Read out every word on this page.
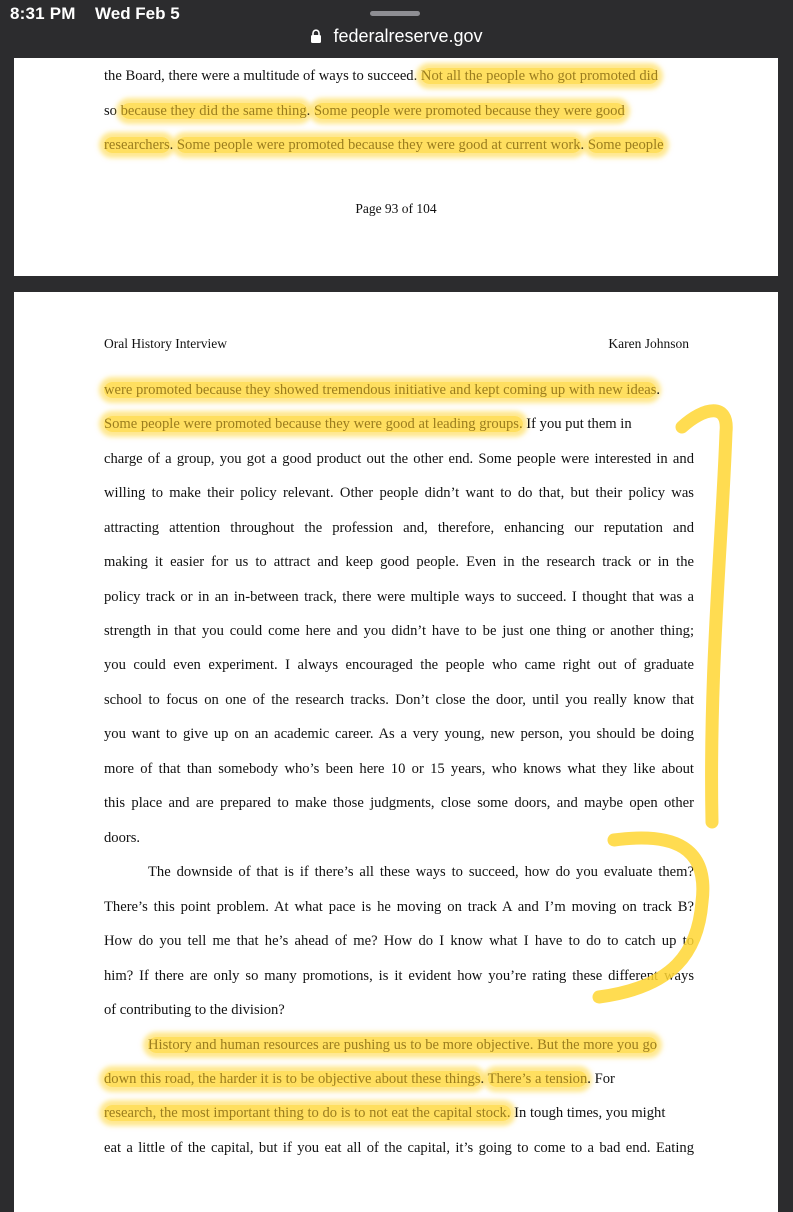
8:31 PM Wed Feb 5
federalreserve.gov
the Board, there were a multitude of ways to succeed. Not all the people who got promoted did
so because they did the same thing. Some people were promoted because they were good
researchers. Some people were promoted because they were good at current work. Some people
Page 93 of 104
Oral History Interview	Karen Johnson
were promoted because they showed tremendous initiative and kept coming up with new ideas.
Some people were promoted because they were good at leading groups. If you put them in
charge of a group, you got a good product out the other end. Some people were interested in and
willing to make their policy relevant. Other people didn’t want to do that, but their policy was
attracting attention throughout the profession and, therefore, enhancing our reputation and
making it easier for us to attract and keep good people. Even in the research track or in the
policy track or in an in-between track, there were multiple ways to succeed. I thought that was a
strength in that you could come here and you didn’t have to be just one thing or another thing;
you could even experiment. I always encouraged the people who came right out of graduate
school to focus on one of the research tracks. Don’t close the door, until you really know that
you want to give up on an academic career. As a very young, new person, you should be doing
more of that than somebody who’s been here 10 or 15 years, who knows what they like about
this place and are prepared to make those judgments, close some doors, and maybe open other
doors.
The downside of that is if there’s all these ways to succeed, how do you evaluate them?
There’s this point problem. At what pace is he moving on track A and I’m moving on track B?
How do you tell me that he’s ahead of me? How do I know what I have to do to catch up to
him? If there are only so many promotions, is it evident how you’re rating these different ways
of contributing to the division?
History and human resources are pushing us to be more objective. But the more you go
down this road, the harder it is to be objective about these things. There’s a tension. For
research, the most important thing to do is to not eat the capital stock. In tough times, you might
eat a little of the capital, but if you eat all of the capital, it’s going to come to a bad end. Eating
